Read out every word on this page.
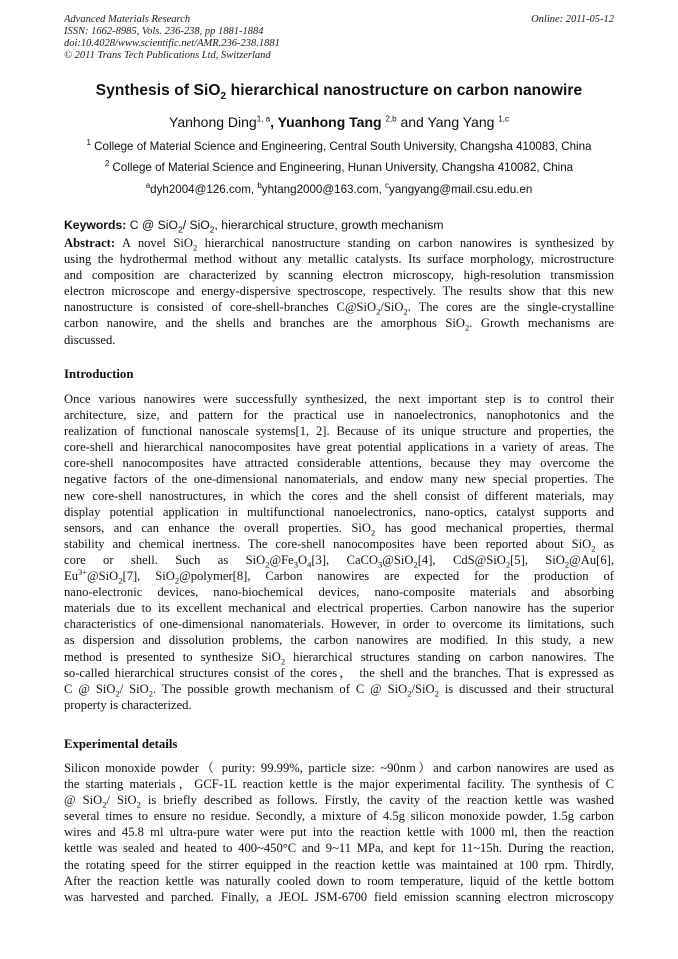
Advanced Materials Research
ISSN: 1662-8985, Vols. 236-238, pp 1881-1884
doi:10.4028/www.scientific.net/AMR.236-238.1881
© 2011 Trans Tech Publications Ltd, Switzerland
Online: 2011-05-12
Synthesis of SiO$_2$ hierarchical nanostructure on carbon nanowire
Yanhong Ding$^{1, a}$, Yuanhong Tang $^{2,b}$ and Yang Yang $^{1,c}$
$^1$ College of Material Science and Engineering, Central South University, Changsha 410083, China
$^2$ College of Material Science and Engineering, Hunan University, Changsha 410082, China
$^a$dyh2004@126.com, $^b$yhtang2000@163.com, $^c$yangyang@mail.csu.edu.en
Keywords: C @ SiO$_2$/ SiO$_2$, hierarchical structure, growth mechanism
Abstract: A novel SiO$_2$ hierarchical nanostructure standing on carbon nanowires is synthesized by
using the hydrothermal method without any metallic catalysts. Its surface morphology, microstructure
and composition are characterized by scanning electron microscopy, high-resolution transmission
electron microscope and energy-dispersive spectroscope, respectively. The results show that this new
nanostructure is consisted of core-shell-branches C@SiO$_2$/SiO$_2$. The cores are the single-crystalline
carbon nanowire, and the shells and branches are the amorphous SiO$_2$. Growth mechanisms are
discussed.
Introduction
Once various nanowires were successfully synthesized, the next important step is to control their
architecture, size, and pattern for the practical use in nanoelectronics, nanophotonics and the
realization of functional nanoscale systems[1, 2]. Because of its unique structure and properties, the
core-shell and hierarchical nanocomposites have great potential applications in a variety of areas. The
core-shell nanocomposites have attracted considerable attentions, because they may overcome the
negative factors of the one-dimensional nanomaterials, and endow many new special properties. The
new core-shell nanostructures, in which the cores and the shell consist of different materials, may
display potential application in multifunctional nanoelectronics, nano-optics, catalyst supports and
sensors, and can enhance the overall properties. SiO$_2$ has good mechanical properties, thermal
stability and chemical inertness. The core-shell nanocomposites have been reported about SiO$_2$ as
core or shell. Such as $SiO_2@Fe_3O_4[3]$, CaCO$_3$@SiO$_2$[4], CdS@SiO$_2$[5], SiO$_2$@Au[6],
$Eu^{3+}@SiO_2[7]$, SiO$_2$@polymer[8], Carbon nanowires are expected for the production of
nano-electronic devices, nano-biochemical devices, nano-composite materials and absorbing
materials due to its excellent mechanical and electrical properties. Carbon nanowire has the superior
characteristics of one-dimensional nanomaterials. However, in order to overcome its limitations, such
as dispersion and dissolution problems, the carbon nanowires are modified. In this study, a new
method is presented to synthesize SiO$_2$ hierarchical structures standing on carbon nanowires. The
so-called hierarchical structures consist of the cores， the shell and the branches. That is expressed as
C @ SiO$_2$/ SiO$_2$. The possible growth mechanism of C @ SiO$_2$/SiO$_2$ is discussed and their structural
property is characterized.
Experimental details
Silicon monoxide powder（ purity: 99.99%, particle size: ~90nm）and carbon nanowires are used as
the starting materials，GCF-1L reaction kettle is the major experimental facility. The synthesis of C
@ SiO$_2$/ SiO$_2$ is briefly described as follows. Firstly, the cavity of the reaction kettle was washed
several times to ensure no residue. Secondly, a mixture of 4.5g silicon monoxide powder, 1.5g carbon
wires and 45.8 ml ultra-pure water were put into the reaction kettle with 1000 ml, then the reaction
kettle was sealed and heated to 400~450°C and 9~11 MPa, and kept for 11~15h. During the reaction,
the rotating speed for the stirrer equipped in the reaction kettle was maintained at 100 rpm. Thirdly,
After the reaction kettle was naturally cooled down to room temperature, liquid of the kettle bottom
was harvested and parched. Finally, a JEOL JSM-6700 field emission scanning electron microscopy
